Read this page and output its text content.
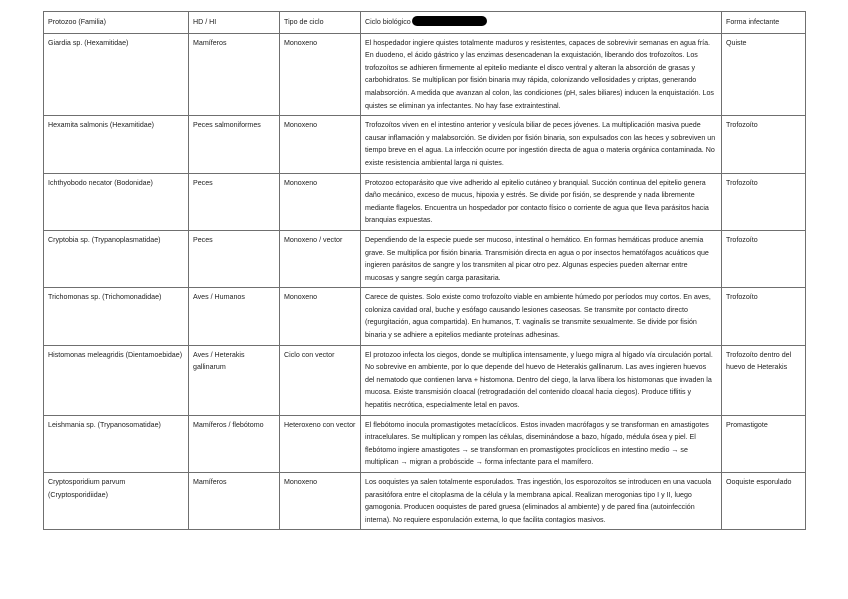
Protozoo (Familia)	HD / HI	Tipo de ciclo	Ciclo biológico	Forma infectante
Giardia sp. (Hexamitidae)	Mamíferos	Monoxeno	El hospedador ingiere quistes totalmente maduros y resistentes, capaces de sobrevivir semanas en agua fría. En duodeno, el ácido gástrico y las enzimas desencadenan la exquistación, liberando dos trofozoítos. Los trofozoítos se adhieren firmemente al epitelio mediante el disco ventral y alteran la absorción de grasas y carbohidratos. Se multiplican por fisión binaria muy rápida, colonizando vellosidades y criptas, generando malabsorción. A medida que avanzan al colon, las condiciones (pH, sales biliares) inducen la enquistación. Los quistes se eliminan ya infectantes. No hay fase extraintestinal.	Quiste
Hexamita salmonis (Hexamitidae)	Peces salmoniformes	Monoxeno	Trofozoítos viven en el intestino anterior y vesícula biliar de peces jóvenes. La multiplicación masiva puede causar inflamación y malabsorción. Se dividen por fisión binaria, son expulsados con las heces y sobreviven un tiempo breve en el agua. La infección ocurre por ingestión directa de agua o materia orgánica contaminada. No existe resistencia ambiental larga ni quistes.	Trofozoíto
Ichthyobodo necator (Bodonidae)	Peces	Monoxeno	Protozoo ectoparásito que vive adherido al epitelio cutáneo y branquial. Succión continua del epitelio genera daño mecánico, exceso de mucus, hipoxia y estrés. Se divide por fisión, se desprende y nada libremente mediante flagelos. Encuentra un hospedador por contacto físico o corriente de agua que lleva parásitos hacia branquias expuestas.	Trofozoíto
Cryptobia sp. (Trypanoplasmatidae)	Peces	Monoxeno / vector	Dependiendo de la especie puede ser mucoso, intestinal o hemático. En formas hemáticas produce anemia grave. Se multiplica por fisión binaria. Transmisión directa en agua o por insectos hematófagos acuáticos que ingieren parásitos de sangre y los transmiten al picar otro pez. Algunas especies pueden alternar entre mucosas y sangre según carga parasitaria.	Trofozoíto
Trichomonas sp. (Trichomonadidae)	Aves / Humanos	Monoxeno	Carece de quistes. Solo existe como trofozoíto viable en ambiente húmedo por períodos muy cortos. En aves, coloniza cavidad oral, buche y esófago causando lesiones caseosas. Se transmite por contacto directo (regurgitación, agua compartida). En humanos, T. vaginalis se transmite sexualmente. Se divide por fisión binaria y se adhiere a epitelios mediante proteínas adhesinas.	Trofozoíto
Histomonas meleagridis (Dientamoebidae)	Aves / Heterakis gallinarum	Ciclo con vector	El protozoo infecta los ciegos, donde se multiplica intensamente, y luego migra al hígado vía circulación portal. No sobrevive en ambiente, por lo que depende del huevo de Heterakis gallinarum. Las aves ingieren huevos del nematodo que contienen larva + histomona. Dentro del ciego, la larva libera los histomonas que invaden la mucosa. Existe transmisión cloacal (retrogradación del contenido cloacal hacia ciegos). Produce tiflitis y hepatitis necrótica, especialmente letal en pavos.	Trofozoíto dentro del huevo de Heterakis
Leishmania sp. (Trypanosomatidae)	Mamíferos / flebótomo	Heteroxeno con vector	El flebótomo inocula promastigotes metacíclicos. Estos invaden macrófagos y se transforman en amastigotes intracelulares. Se multiplican y rompen las células, diseminándose a bazo, hígado, médula ósea y piel. El flebótomo ingiere amastigotes → se transforman en promastigotes procíclicos en intestino medio → se multiplican → migran a probóscide → forma infectante para el mamífero.	Promastigote
Cryptosporidium parvum (Cryptosporidiidae)	Mamíferos	Monoxeno	Los ooquistes ya salen totalmente esporulados. Tras ingestión, los esporozoítos se introducen en una vacuola parasitófora entre el citoplasma de la célula y la membrana apical. Realizan merogonias tipo I y II, luego gamogonia. Producen ooquistes de pared gruesa (eliminados al ambiente) y de pared fina (autoinfección interna). No requiere esporulación externa, lo que facilita contagios masivos.	Ooquiste esporulado
